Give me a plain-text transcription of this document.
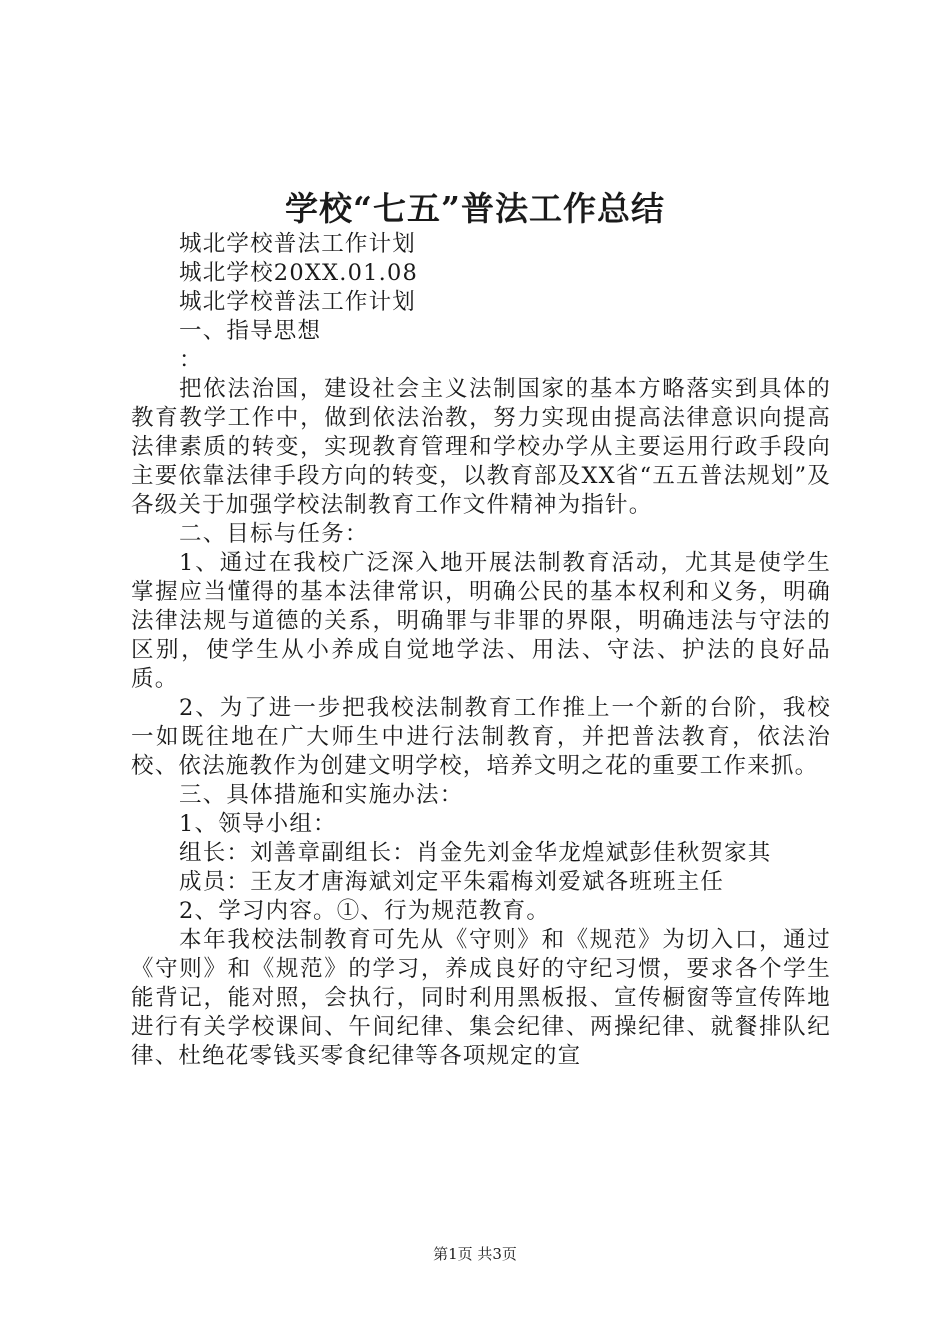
学校“七五”普法工作总结

城北学校普法工作计划

城北学校20XX.01.08

城北学校普法工作计划

一、指导思想

：

把依法治国，建设社会主义法制国家的基本方略落实到具体的教育教学工作中，做到依法治教，努力实现由提高法律意识向提高法律素质的转变，实现教育管理和学校办学从主要运用行政手段向主要依靠法律手段方向的转变，以教育部及XX省“五五普法规划”及各级关于加强学校法制教育工作文件精神为指针。

二、目标与任务：

1、通过在我校广泛深入地开展法制教育活动，尤其是使学生掌握应当懂得的基本法律常识，明确公民的基本权利和义务，明确法律法规与道德的关系，明确罪与非罪的界限，明确违法与守法的区别，使学生从小养成自觉地学法、用法、守法、护法的良好品质。

2、为了进一步把我校法制教育工作推上一个新的台阶，我校一如既往地在广大师生中进行法制教育，并把普法教育，依法治校、依法施教作为创建文明学校，培养文明之花的重要工作来抓。

三、具体措施和实施办法：

1、领导小组：

组长：刘善章副组长：肖金先刘金华龙煌斌彭佳秋贺家其

成员：王友才唐海斌刘定平朱霜梅刘爱斌各班班主任

2、学习内容。①、行为规范教育。

本年我校法制教育可先从《守则》和《规范》为切入口，通过《守则》和《规范》的学习，养成良好的守纪习惯，要求各个学生能背记，能对照，会执行，同时利用黑板报、宣传橱窗等宣传阵地进行有关学校课间、午间纪律、集会纪律、两操纪律、就餐排队纪律、杜绝花零钱买零食纪律等各项规定的宣

第1页 共3页
